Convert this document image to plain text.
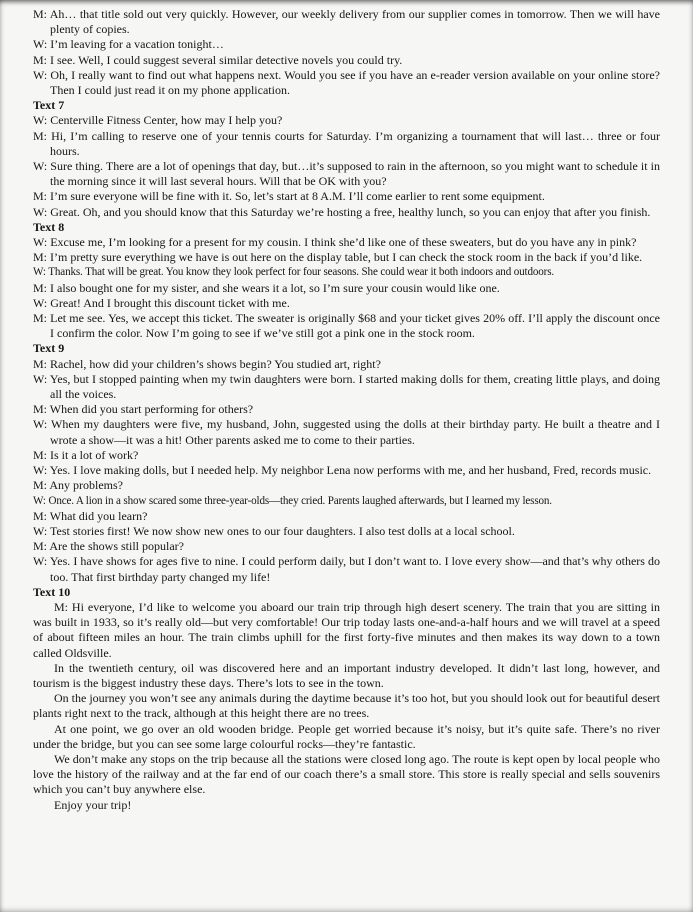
M: Ah… that title sold out very quickly. However, our weekly delivery from our supplier comes in tomorrow. Then we will have plenty of copies.
W: I’m leaving for a vacation tonight…
M: I see. Well, I could suggest several similar detective novels you could try.
W: Oh, I really want to find out what happens next. Would you see if you have an e-reader version available on your online store? Then I could just read it on my phone application.
Text 7
W: Centerville Fitness Center, how may I help you?
M: Hi, I’m calling to reserve one of your tennis courts for Saturday. I’m organizing a tournament that will last… three or four hours.
W: Sure thing. There are a lot of openings that day, but…it’s supposed to rain in the afternoon, so you might want to schedule it in the morning since it will last several hours. Will that be OK with you?
M: I’m sure everyone will be fine with it. So, let’s start at 8 A.M. I’ll come earlier to rent some equipment.
W: Great. Oh, and you should know that this Saturday we’re hosting a free, healthy lunch, so you can enjoy that after you finish.
Text 8
W: Excuse me, I’m looking for a present for my cousin. I think she’d like one of these sweaters, but do you have any in pink?
M: I’m pretty sure everything we have is out here on the display table, but I can check the stock room in the back if you’d like.
W: Thanks. That will be great. You know they look perfect for four seasons. She could wear it both indoors and outdoors.
M: I also bought one for my sister, and she wears it a lot, so I’m sure your cousin would like one.
W: Great! And I brought this discount ticket with me.
M: Let me see. Yes, we accept this ticket. The sweater is originally $68 and your ticket gives 20% off. I’ll apply the discount once I confirm the color. Now I’m going to see if we’ve still got a pink one in the stock room.
Text 9
M: Rachel, how did your children’s shows begin? You studied art, right?
W: Yes, but I stopped painting when my twin daughters were born. I started making dolls for them, creating little plays, and doing all the voices.
M: When did you start performing for others?
W: When my daughters were five, my husband, John, suggested using the dolls at their birthday party. He built a theatre and I wrote a show—it was a hit! Other parents asked me to come to their parties.
M: Is it a lot of work?
W: Yes. I love making dolls, but I needed help. My neighbor Lena now performs with me, and her husband, Fred, records music.
M: Any problems?
W: Once. A lion in a show scared some three-year-olds—they cried. Parents laughed afterwards, but I learned my lesson.
M: What did you learn?
W: Test stories first! We now show new ones to our four daughters. I also test dolls at a local school.
M: Are the shows still popular?
W: Yes. I have shows for ages five to nine. I could perform daily, but I don’t want to. I love every show—and that’s why others do too. That first birthday party changed my life!
Text 10
M: Hi everyone, I’d like to welcome you aboard our train trip through high desert scenery. The train that you are sitting in was built in 1933, so it’s really old—but very comfortable! Our trip today lasts one-and-a-half hours and we will travel at a speed of about fifteen miles an hour. The train climbs uphill for the first forty-five minutes and then makes its way down to a town called Oldsville.
In the twentieth century, oil was discovered here and an important industry developed. It didn’t last long, however, and tourism is the biggest industry these days. There’s lots to see in the town.
On the journey you won’t see any animals during the daytime because it’s too hot, but you should look out for beautiful desert plants right next to the track, although at this height there are no trees.
At one point, we go over an old wooden bridge. People get worried because it’s noisy, but it’s quite safe. There’s no river under the bridge, but you can see some large colourful rocks—they’re fantastic.
We don’t make any stops on the trip because all the stations were closed long ago. The route is kept open by local people who love the history of the railway and at the far end of our coach there’s a small store. This store is really special and sells souvenirs which you can’t buy anywhere else.
Enjoy your trip!
